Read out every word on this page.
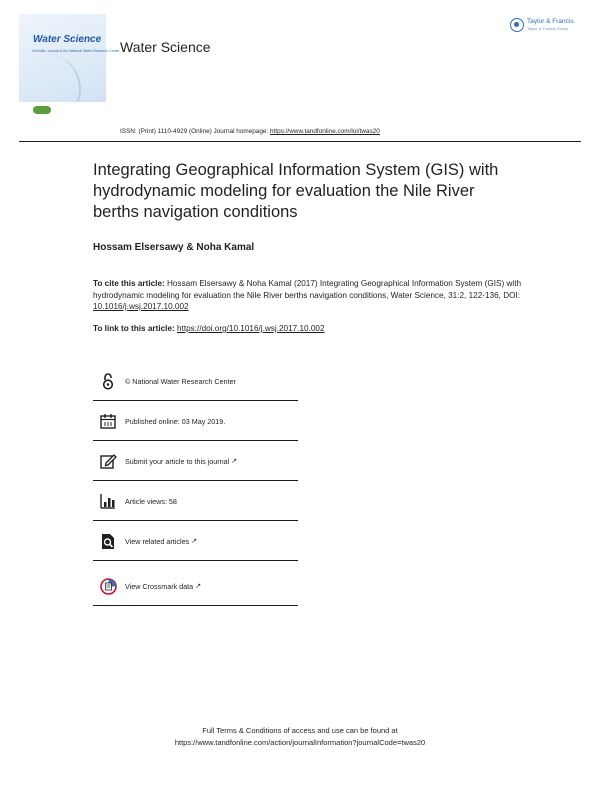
Water Science
Scientific Journal of the National Water Research Center Water Science
Taylor & Francis
Taylor & Francis Group
ISSN: (Print) 1110-4929 (Online) Journal homepage: https://www.tandfonline.com/loi/twas20
Integrating Geographical Information System (GIS) with hydrodynamic modeling for evaluation the Nile River berths navigation conditions
Hossam Elsersawy & Noha Kamal
To cite this article: Hossam Elsersawy & Noha Kamal (2017) Integrating Geographical Information System (GIS) with hydrodynamic modeling for evaluation the Nile River berths navigation conditions, Water Science, 31:2, 122-136, DOI: 10.1016/j.wsj.2017.10.002
To link to this article: https://doi.org/10.1016/j.wsj.2017.10.002
© National Water Research Center
Published online: 03 May 2019.
Submit your article to this journal ↗
Article views: 58
View related articles ↗
View Crossmark data ↗
Full Terms & Conditions of access and use can be found at
https://www.tandfonline.com/action/journalInformation?journalCode=twas20
